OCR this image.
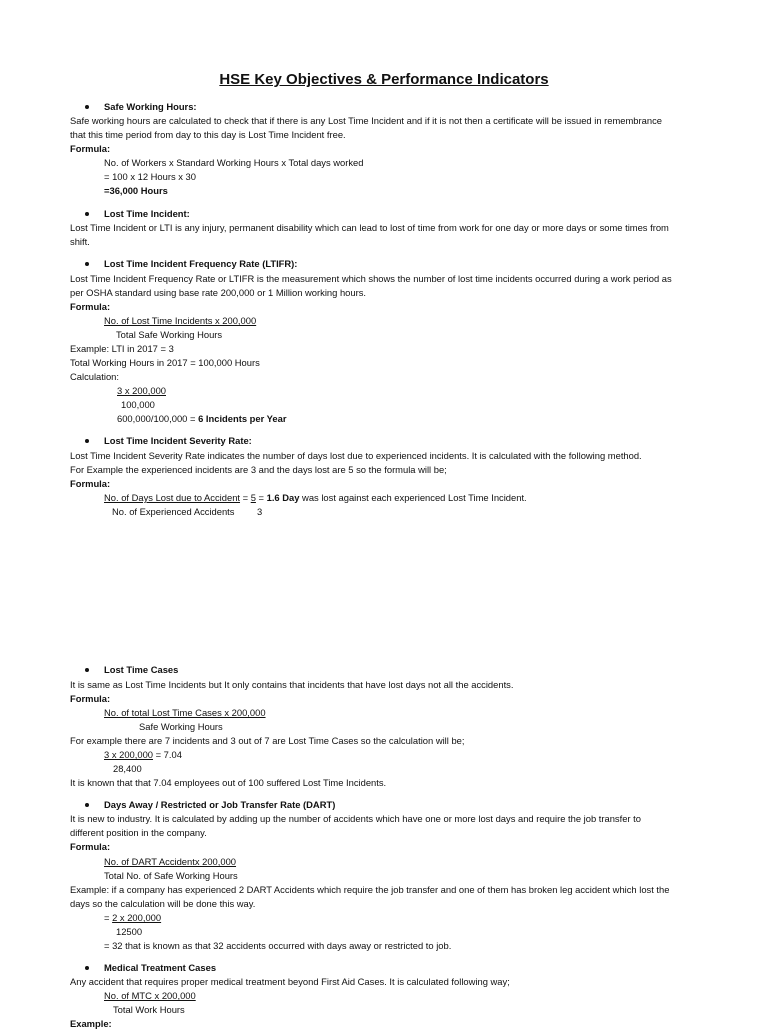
HSE Key Objectives & Performance Indicators
Safe Working Hours:
Safe working hours are calculated to check that if there is any Lost Time Incident and if it is not then a certificate will be issued in remembrance
that this time period from day to this day is Lost Time Incident free.
Formula:
No. of Workers x Standard Working Hours x Total days worked
= 100 x 12 Hours x 30
=36,000 Hours
Lost Time Incident:
Lost Time Incident or LTI is any injury, permanent disability which can lead to lost of time from work for one day or more days or some times from
shift.
Lost Time Incident Frequency Rate (LTIFR):
Lost Time Incident Frequency Rate or LTIFR is the measurement which shows the number of lost time incidents occurred during a work period as
per OSHA standard using base rate 200,000 or 1 Million working hours.
Formula:
No. of Lost Time Incidents x 200,000
Total Safe Working Hours
Example: LTI in 2017 = 3
Total Working Hours in 2017 = 100,000 Hours
Calculation:
3 x 200,000
100,000
600,000/100,000 = 6 Incidents per Year
Lost Time Incident Severity Rate:
Lost Time Incident Severity Rate indicates the number of days lost due to experienced incidents. It is calculated with the following method.
For Example the experienced incidents are 3 and the days lost are 5 so the formula will be;
Formula:
No. of Days Lost due to Accident = 5 = 1.6 Day was lost against each experienced Lost Time Incident.
No. of Experienced Accidents 3
Lost Time Cases
It is same as Lost Time Incidents but It only contains that incidents that have lost days not all the accidents.
Formula:
No. of total Lost Time Cases x 200,000
Safe Working Hours
For example there are 7 incidents and 3 out of 7 are Lost Time Cases so the calculation will be;
3 x 200,000 = 7.04
28,400
It is known that that 7.04 employees out of 100 suffered Lost Time Incidents.
Days Away / Restricted or Job Transfer Rate (DART)
It is new to industry. It is calculated by adding up the number of accidents which have one or more lost days and require the job transfer to
different position in the company.
Formula:
No. of DART Accidentx 200,000
Total No. of Safe Working Hours
Example: if a company has experienced 2 DART Accidents which require the job transfer and one of them has broken leg accident which lost the
days so the calculation will be done this way.
= 2 x 200,000
12500
= 32 that is known as that 32 accidents occurred with days away or restricted to job.
Medical Treatment Cases
Any accident that requires proper medical treatment beyond First Aid Cases. It is calculated following way;
No. of MTC x 200,000
Total Work Hours
Example:
